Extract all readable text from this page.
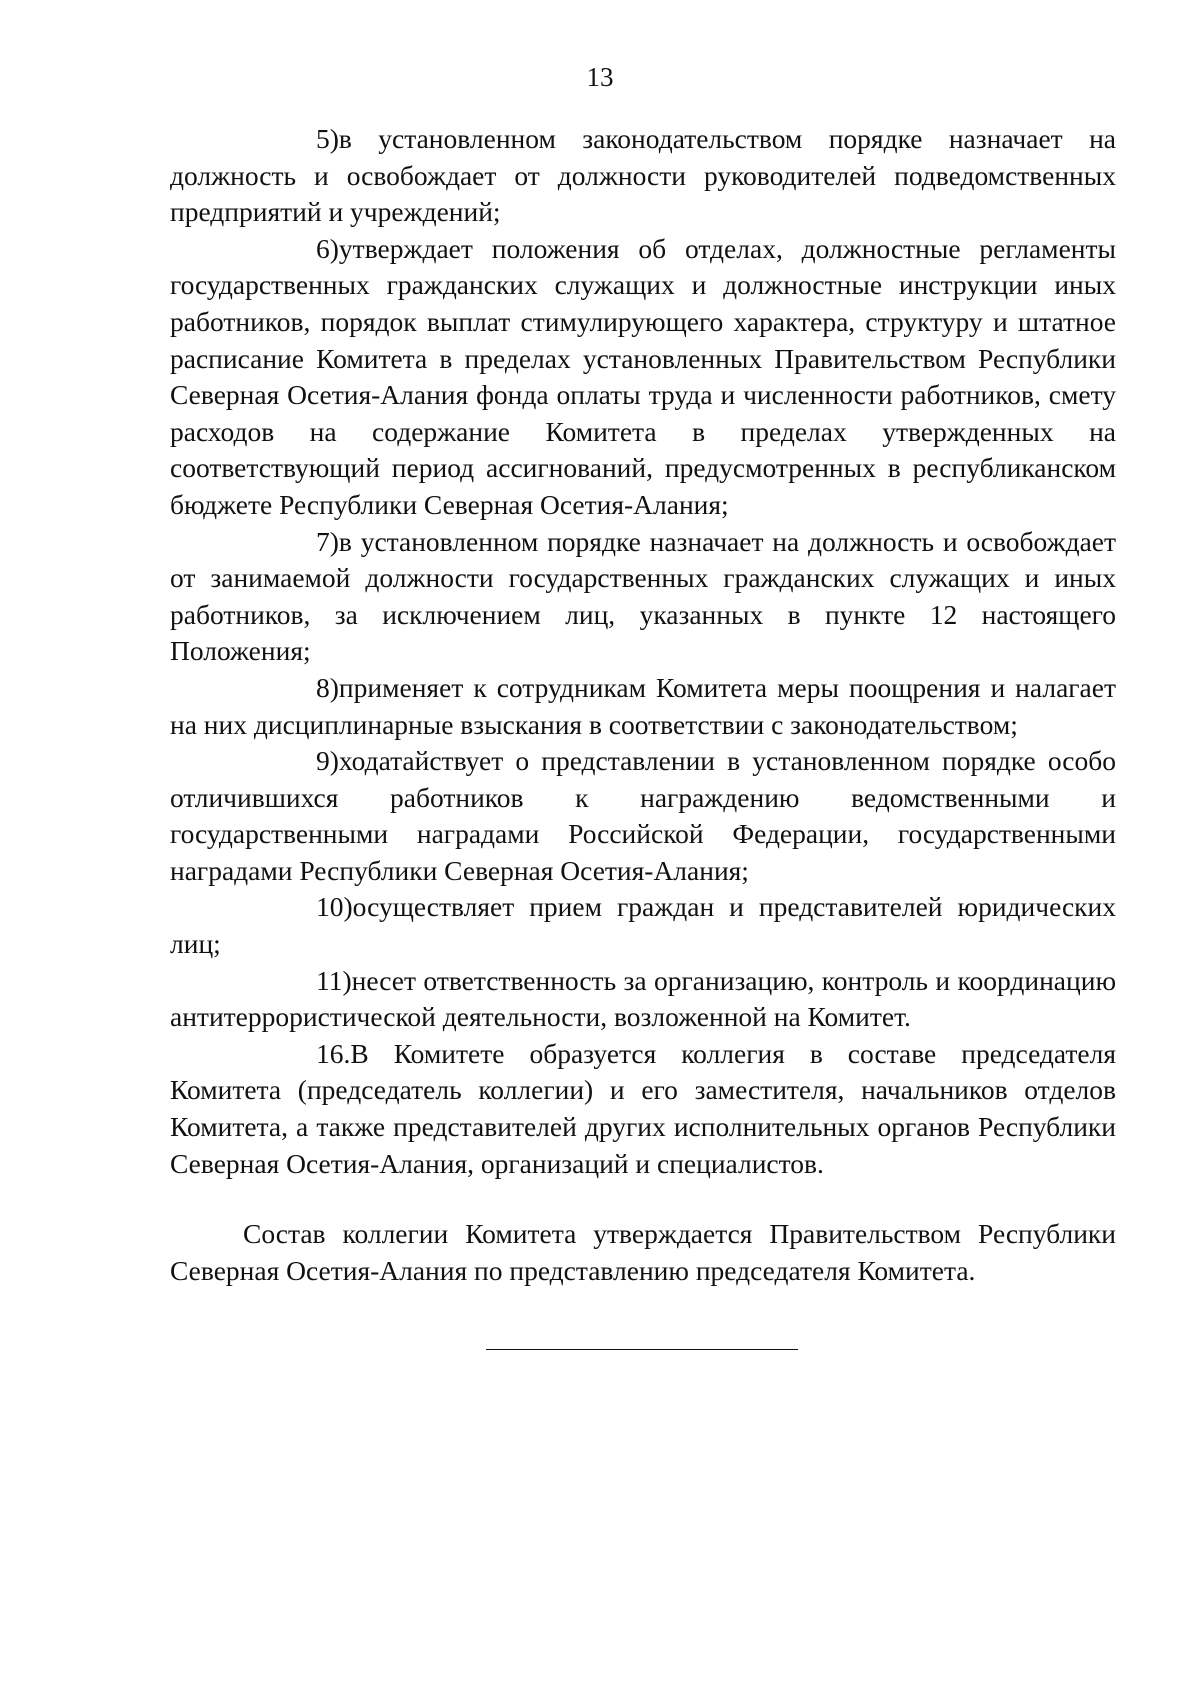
13

5)в установленном законодательством порядке назначает на должность и освобождает от должности руководителей подведомственных предприятий и учреждений;

6)утверждает положения об отделах, должностные регламенты государственных гражданских служащих и должностные инструкции иных работников, порядок выплат стимулирующего характера, структуру и штатное расписание Комитета в пределах установленных Правительством Республики Северная Осетия-Алания фонда оплаты труда и численности работников, смету расходов на содержание Комитета в пределах утвержденных на соответствующий период ассигнований, предусмотренных в республиканском бюджете Республики Северная Осетия-Алания;

7)в установленном порядке назначает на должность и освобождает от занимаемой должности государственных гражданских служащих и иных работников, за исключением лиц, указанных в пункте 12 настоящего Положения;

8)применяет к сотрудникам Комитета меры поощрения и налагает на них дисциплинарные взыскания в соответствии с законодательством;

9)ходатайствует о представлении в установленном порядке особо отличившихся работников к награждению ведомственными и государственными наградами Российской Федерации, государственными наградами Республики Северная Осетия-Алания;

10)осуществляет прием граждан и представителей юридических лиц;

11)несет ответственность за организацию, контроль и координацию антитеррористической деятельности, возложенной на Комитет.

16.В Комитете образуется коллегия в составе председателя Комитета (председатель коллегии) и его заместителя, начальников отделов Комитета, а также представителей других исполнительных органов Республики Северная Осетия-Алания, организаций и специалистов.

Состав коллегии Комитета утверждается Правительством Республики Северная Осетия-Алания по представлению председателя Комитета.
